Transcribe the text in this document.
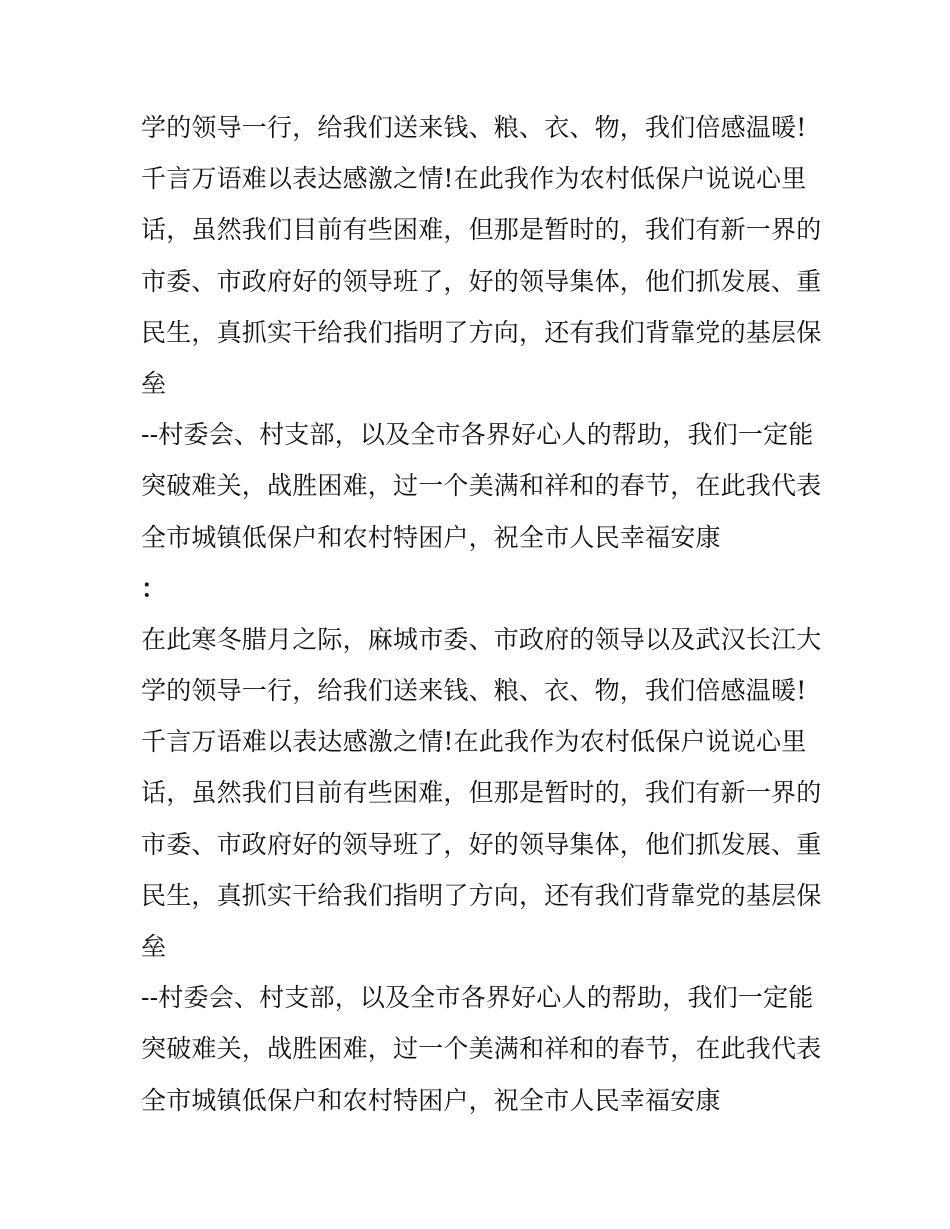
学的领导一行，给我们送来钱、粮、衣、物，我们倍感温暖!
千言万语难以表达感激之情!在此我作为农村低保户说说心里
话，虽然我们目前有些困难，但那是暂时的，我们有新一界的
市委、市政府好的领导班了，好的领导集体，他们抓发展、重
民生，真抓实干给我们指明了方向，还有我们背靠党的基层保
垒
--村委会、村支部，以及全市各界好心人的帮助，我们一定能
突破难关，战胜困难，过一个美满和祥和的春节，在此我代表
全市城镇低保户和农村特困户，祝全市人民幸福安康
：
在此寒冬腊月之际，麻城市委、市政府的领导以及武汉长江大
学的领导一行，给我们送来钱、粮、衣、物，我们倍感温暖!
千言万语难以表达感激之情!在此我作为农村低保户说说心里
话，虽然我们目前有些困难，但那是暂时的，我们有新一界的
市委、市政府好的领导班了，好的领导集体，他们抓发展、重
民生，真抓实干给我们指明了方向，还有我们背靠党的基层保
垒
--村委会、村支部，以及全市各界好心人的帮助，我们一定能
突破难关，战胜困难，过一个美满和祥和的春节，在此我代表
全市城镇低保户和农村特困户，祝全市人民幸福安康
